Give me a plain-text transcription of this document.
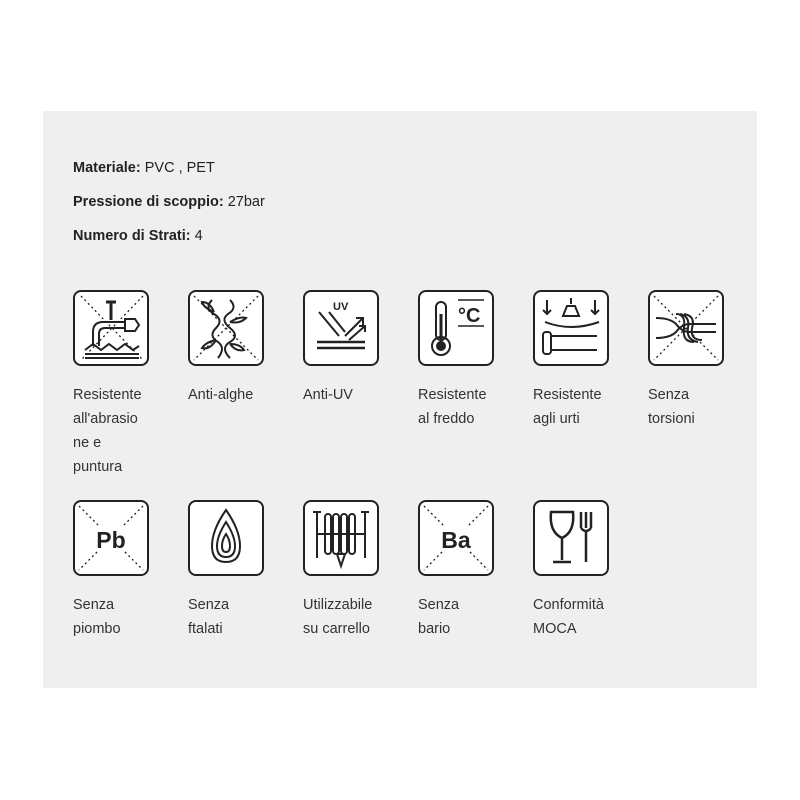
Materiale: PVC , PET
Pressione di scoppio: 27bar
Numero di Strati: 4
Resistente
all'abrasio
ne e
puntura
Anti-alghe
UV
Anti-UV
°C
Resistente
al freddo
Resistente
agli urti
Senza
torsioni
Pb
Senza
piombo
Senza
ftalati
Utilizzabile
su carrello
Ba
Senza
bario
Conformità
MOCA
